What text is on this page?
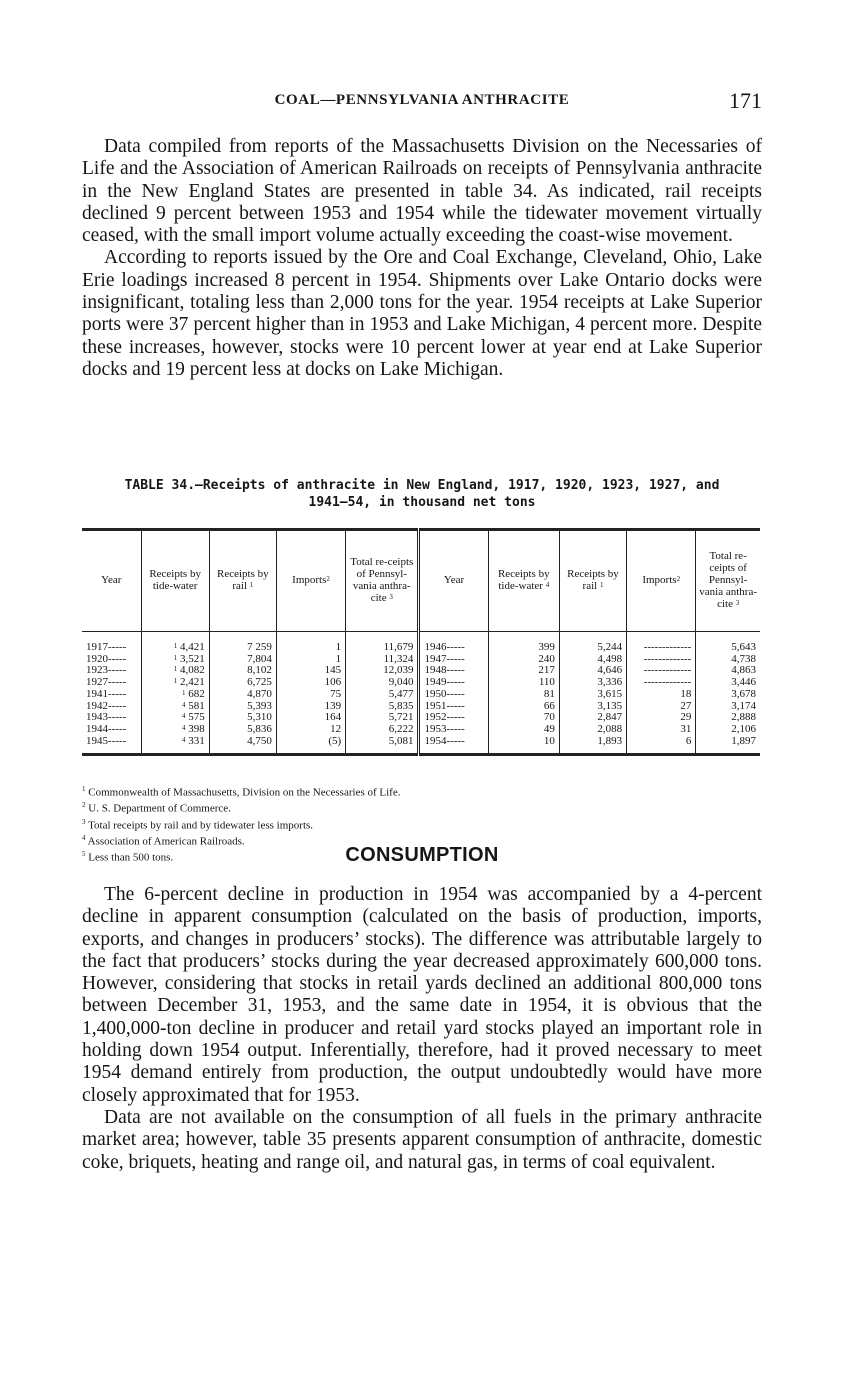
COAL—PENNSYLVANIA ANTHRACITE	171

Data compiled from reports of the Massachusetts Division on the Necessaries of Life and the Association of American Railroads on receipts of Pennsylvania anthracite in the New England States are presented in table 34. As indicated, rail receipts declined 9 percent between 1953 and 1954 while the tidewater movement virtually ceased, with the small import volume actually exceeding the coast-wise movement.

According to reports issued by the Ore and Coal Exchange, Cleveland, Ohio, Lake Erie loadings increased 8 percent in 1954. Shipments over Lake Ontario docks were insignificant, totaling less than 2,000 tons for the year. 1954 receipts at Lake Superior ports were 37 percent higher than in 1953 and Lake Michigan, 4 percent more. Despite these increases, however, stocks were 10 percent lower at year end at Lake Superior docks and 19 percent less at docks on Lake Michigan.

TABLE 34.—Receipts of anthracite in New England, 1917, 1920, 1923, 1927, and
1941–54, in thousand net tons
Year	Receipts by tide-water	Receipts by rail $^1$	Imports$^2$	Total re-ceipts of Pennsyl-vania anthra-cite $^3$	Year	Receipts by tide-water $^4$	Receipts by rail $^1$	Imports$^2$	Total re-ceipts of Pennsyl-vania anthra-cite $^3$
1917-----	$^1$ 4,421	7 259	1	11,679	1946-----	399	5,244	-------------	5,643
1920-----	$^1$ 3,521	7,804	1	11,324	1947-----	240	4,498	-------------	4,738
1923-----	$^1$ 4,082	8,102	145	12,039	1948-----	217	4,646	-------------	4,863
1927-----	$^1$ 2,421	6,725	106	9,040	1949-----	110	3,336	-------------	3,446
1941-----	$^1$ 682	4,870	75	5,477	1950-----	81	3,615	18	3,678
1942-----	$^4$ 581	5,393	139	5,835	1951-----	66	3,135	27	3,174
1943-----	$^4$ 575	5,310	164	5,721	1952-----	70	2,847	29	2,888
1944-----	$^4$ 398	5,836	12	6,222	1953-----	49	2,088	31	2,106
1945-----	$^4$ 331	4,750	(5)	5,081	1954-----	10	1,893	6	1,897
$^1$ Commonwealth of Massachusetts, Division on the Necessaries of Life.
$^2$ U. S. Department of Commerce.
$^3$ Total receipts by rail and by tidewater less imports.
$^4$ Association of American Railroads.
$^5$ Less than 500 tons.	CONSUMPTION

The 6-percent decline in production in 1954 was accompanied by a 4-percent decline in apparent consumption (calculated on the basis of production, imports, exports, and changes in producers’ stocks). The difference was attributable largely to the fact that producers’ stocks during the year decreased approximately 600,000 tons. However, considering that stocks in retail yards declined an additional 800,000 tons between December 31, 1953, and the same date in 1954, it is obvious that the 1,400,000-ton decline in producer and retail yard stocks played an important role in holding down 1954 output. Inferentially, therefore, had it proved necessary to meet 1954 demand entirely from production, the output undoubtedly would have more closely approximated that for 1953.

Data are not available on the consumption of all fuels in the primary anthracite market area; however, table 35 presents apparent consumption of anthracite, domestic coke, briquets, heating and range oil, and natural gas, in terms of coal equivalent.
